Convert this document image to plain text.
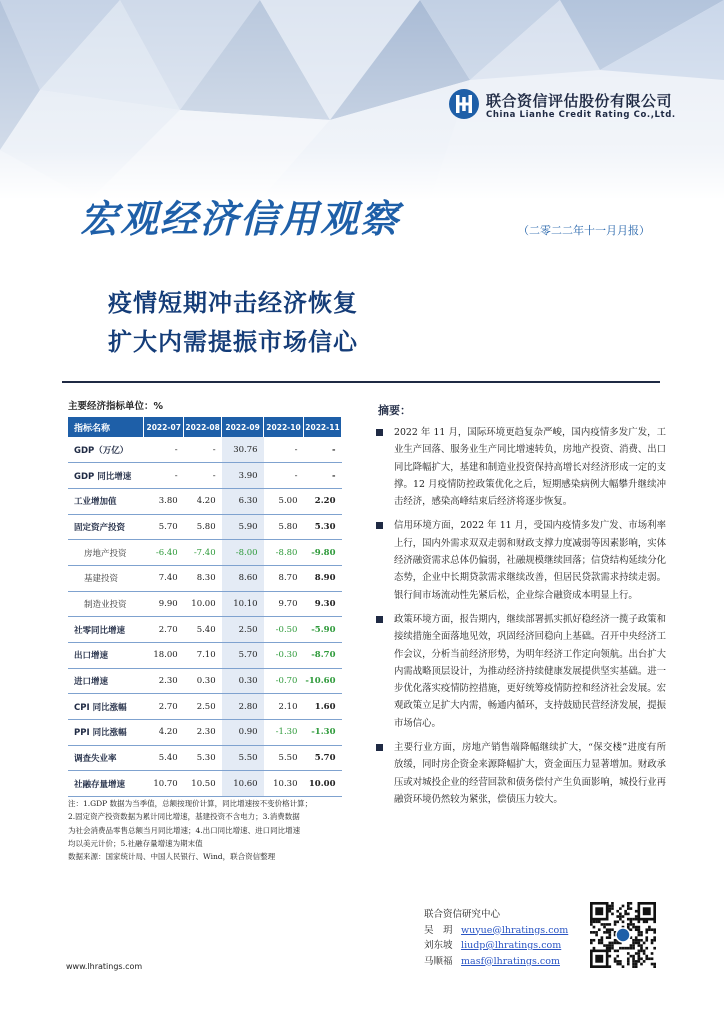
联合资信评估股份有限公司
China Lianhe Credit Rating Co.,Ltd.
宏观经济信用观察	（二零二二年十一月月报）
疫情短期冲击经济恢复
扩大内需提振市场信心
主要经济指标单位：%
指标名称	2022-07	2022-08	2022-09	2022-10	2022-11
GDP（万亿）	-	-	30.76	-	-
GDP 同比增速	-	-	3.90	-	-
工业增加值	3.80	4.20	6.30	5.00	2.20
固定资产投资	5.70	5.80	5.90	5.80	5.30
房地产投资	-6.40	-7.40	-8.00	-8.80	-9.80
基建投资	7.40	8.30	8.60	8.70	8.90
制造业投资	9.90	10.00	10.10	9.70	9.30
社零同比增速	2.70	5.40	2.50	-0.50	-5.90
出口增速	18.00	7.10	5.70	-0.30	-8.70
进口增速	2.30	0.30	0.30	-0.70	-10.60
CPI 同比涨幅	2.70	2.50	2.80	2.10	1.60
PPI 同比涨幅	4.20	2.30	0.90	-1.30	-1.30
调查失业率	5.40	5.30	5.50	5.50	5.70
社融存量增速	10.70	10.50	10.60	10.30	10.00

注：1.GDP 数据为当季值，总额按现价计算，同比增速按不变价格计算；

2.固定资产投资数据为累计同比增速，基建投资不含电力；3.消费数据

为社会消费品零售总额当月同比增速；4.出口同比增速、进口同比增速

均以美元计价；5.社融存量增速为期末值

数据来源：国家统计局、中国人民银行、Wind，联合资信整理

摘要：
2022 年 11 月，国际环境更趋复杂严峻，国内疫情多发广发，工业生产回落、服务业生产同比增速转负，房地产投资、消费、出口同比降幅扩大，基建和制造业投资保持高增长对经济形成一定的支撑。12 月疫情防控政策优化之后，短期感染病例大幅攀升继续冲击经济，感染高峰结束后经济将逐步恢复。
信用环境方面，2022 年 11 月，受国内疫情多发广发、市场利率上行，国内外需求双双走弱和财政支撑力度减弱等因素影响，实体经济融资需求总体仍偏弱，社融规模继续回落；信贷结构延续分化态势，企业中长期贷款需求继续改善，但居民贷款需求持续走弱。银行间市场流动性先紧后松，企业综合融资成本明显上行。
政策环境方面，报告期内，继续部署抓实抓好稳经济一揽子政策和接续措施全面落地见效，巩固经济回稳向上基础。召开中央经济工作会议，分析当前经济形势，为明年经济工作定向领航。出台扩大内需战略顶层设计，为推动经济持续健康发展提供坚实基础。进一步优化落实疫情防控措施，更好统筹疫情防控和经济社会发展。宏观政策立足扩大内需，畅通内循环，支持鼓励民营经济发展，提振市场信心。
主要行业方面，房地产销售端降幅继续扩大，“保交楼”进度有所放缓，同时房企资金来源降幅扩大，资金面压力显著增加。财政承压或对城投企业的经营回款和债务偿付产生负面影响，城投行业再融资环境仍然较为紧张，偿债压力较大。
联合资信研究中心
吴　玥 wuyue@lhratings.com
刘东坡 liudp@lhratings.com
马顺福 masf@lhratings.com
www.lhratings.com
